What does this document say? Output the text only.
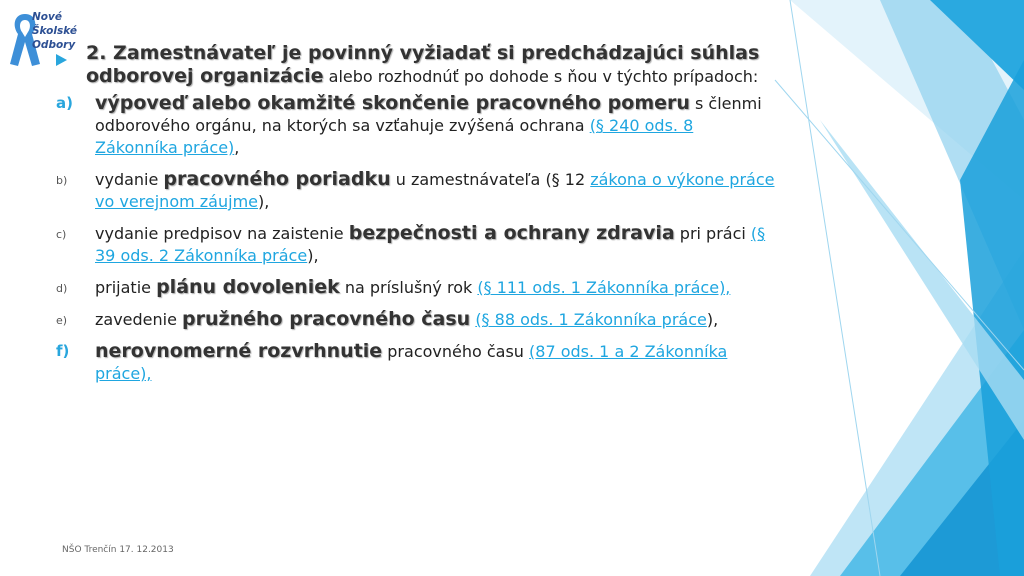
Nové
Školské
Odbory 2. Zamestnávateľ je povinný vyžiadať si predchádzajúci súhlas odborovej organizácie alebo rozhodnúť po dohode s ňou v týchto prípadoch:
a) výpoveď alebo okamžité skončenie pracovného pomeru s členmi odborového orgánu, na ktorých sa vzťahuje zvýšená ochrana (§ 240 ods. 8 Zákonníka práce),
b) vydanie pracovného poriadku u zamestnávateľa (§ 12 zákona o výkone práce vo verejnom záujme),
c) vydanie predpisov na zaistenie bezpečnosti a ochrany zdravia pri práci (§ 39 ods. 2 Zákonníka práce),
d) prijatie plánu dovoleniek na príslušný rok (§ 111 ods. 1 Zákonníka práce),
e) zavedenie pružného pracovného času (§ 88 ods. 1 Zákonníka práce),
f) nerovnomerné rozvrhnutie pracovného času (87 ods. 1 a 2 Zákonníka práce),
NŠO Trenčín 17. 12.2013
